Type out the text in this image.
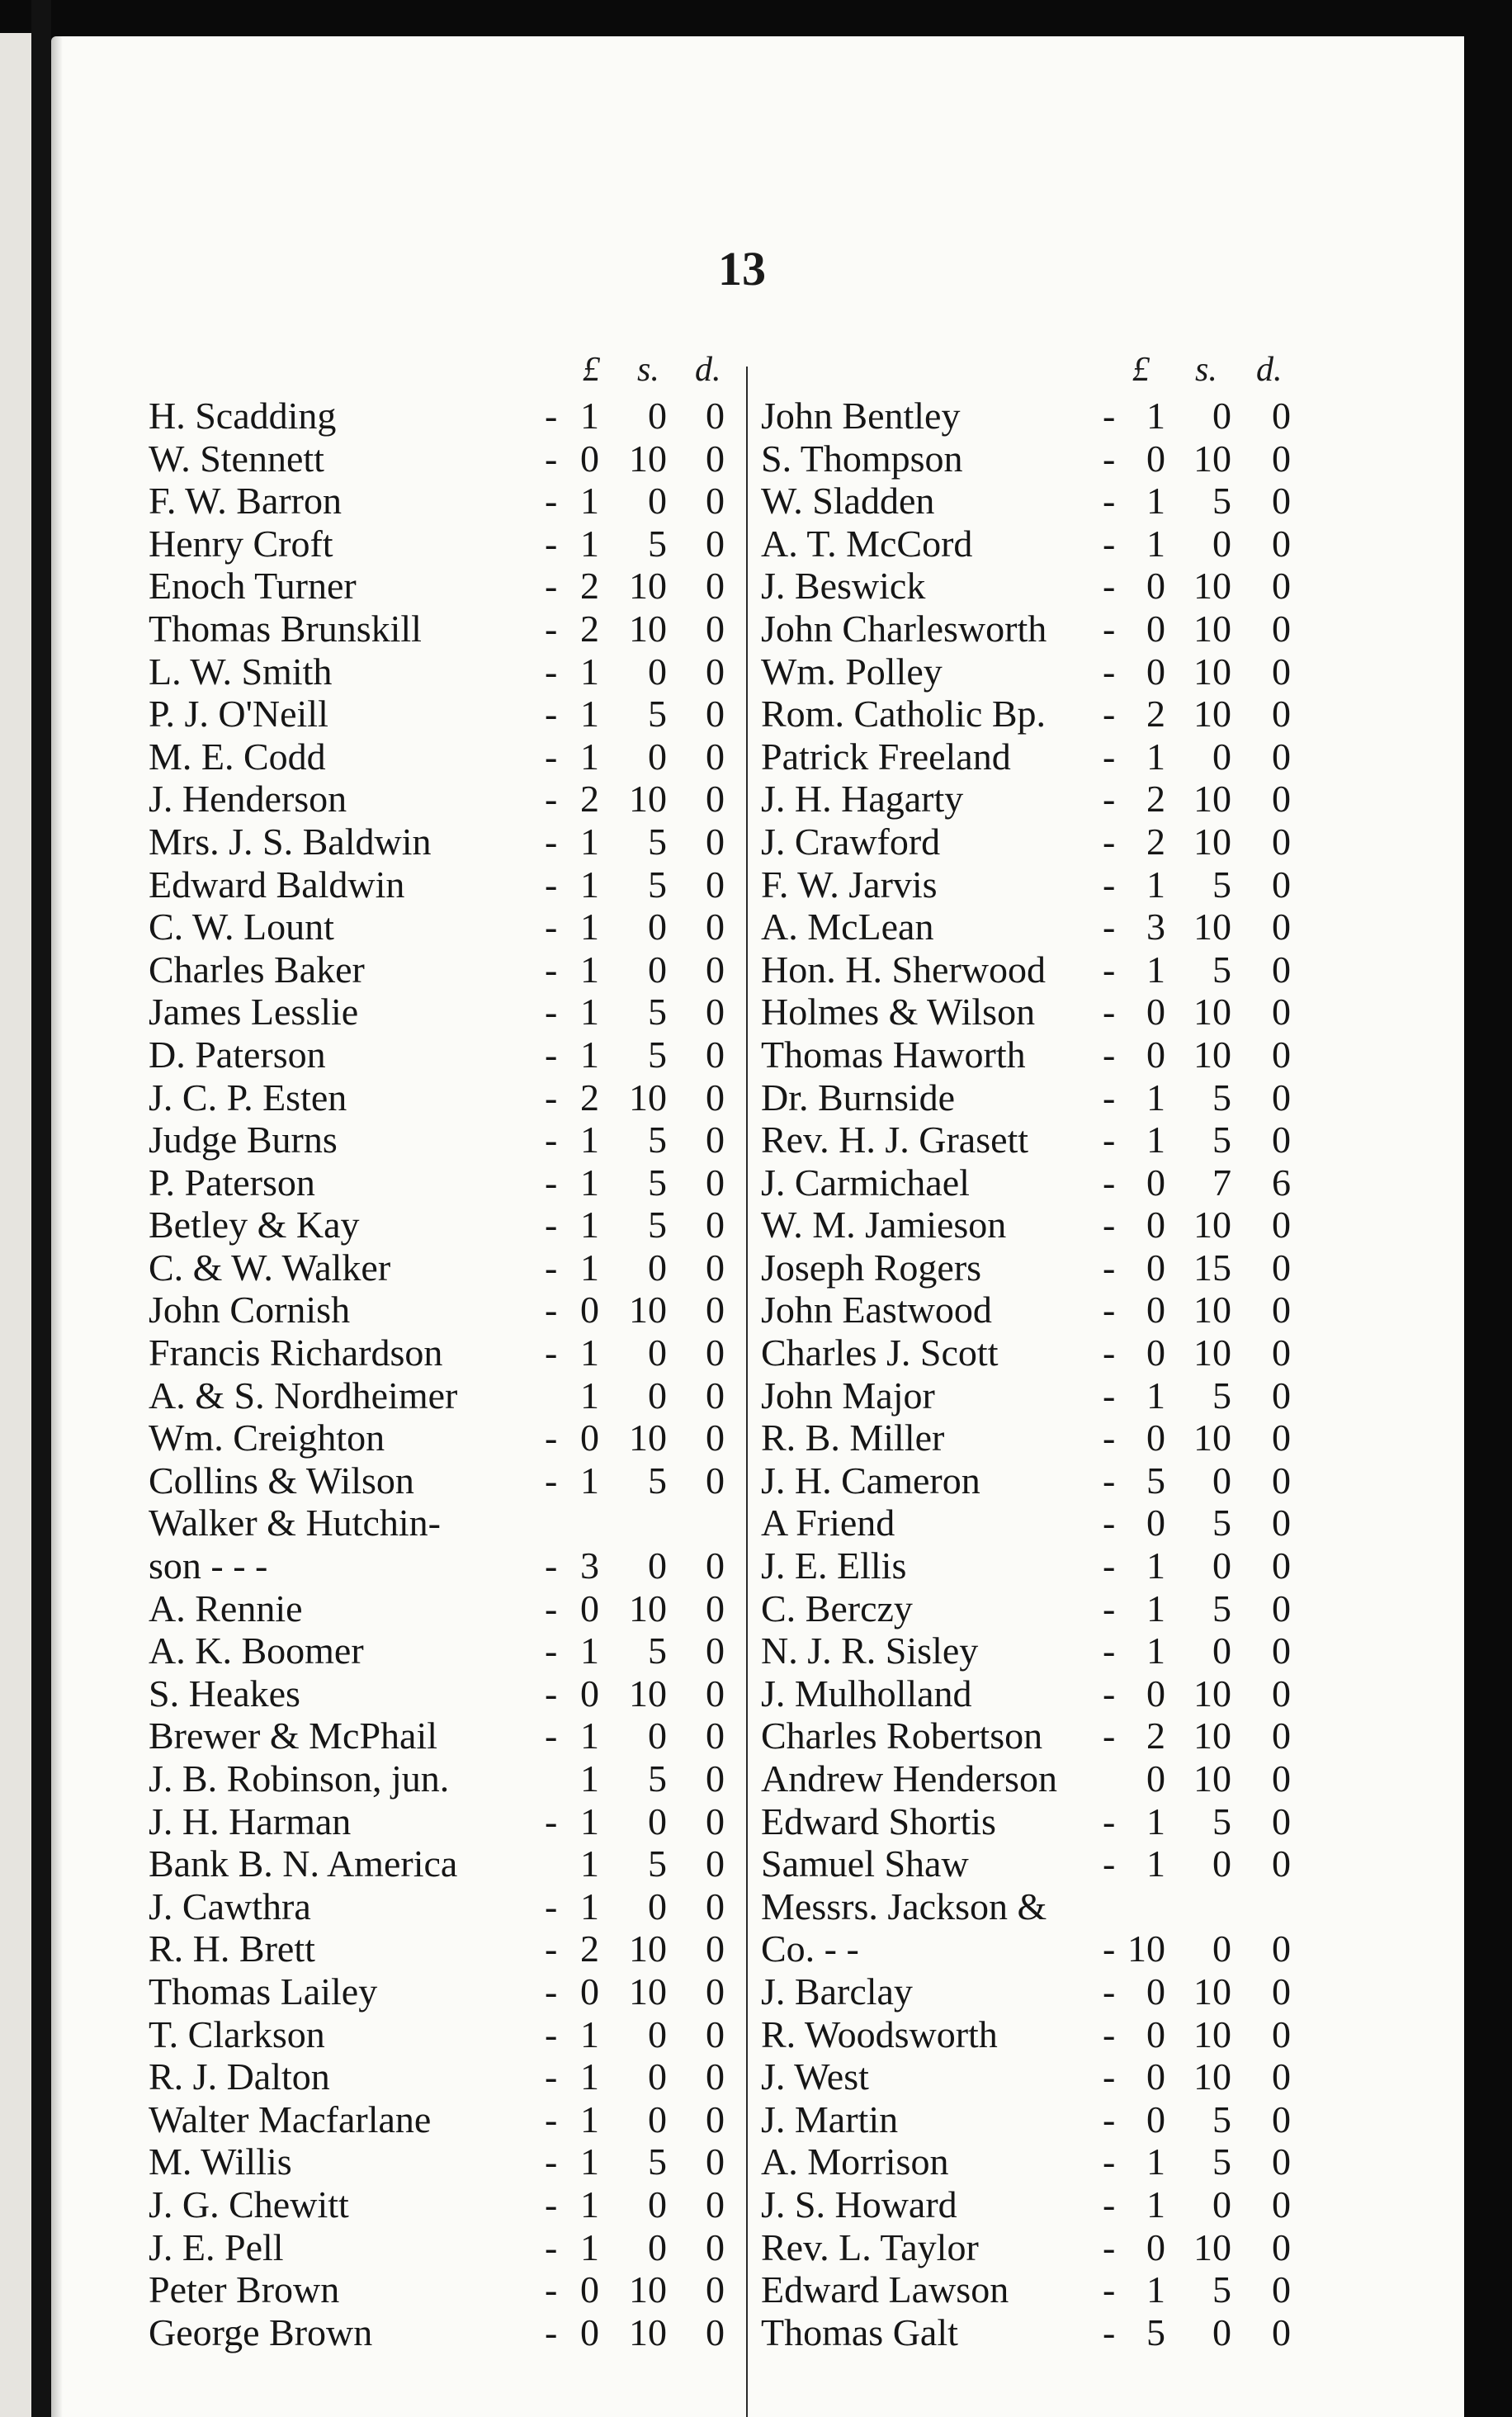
13
£ s. d.	£ s. d.
H. Scadding	- 1	0	0
W. Stennett	- 0 10	0
F. W. Barron	- 1	0	0
Henry Croft	- 1	5	0
Enoch Turner	- 2 10	0
Thomas Brunskill	- 2 10	0
L. W. Smith	- 1	0	0
P. J. O'Neill	- 1	5	0
M. E. Codd	- 1	0	0
J. Henderson	- 2 10	0
Mrs. J. S. Baldwin	- 1	5	0
Edward Baldwin	- 1	5	0
C. W. Lount	- 1	0	0
Charles Baker	- 1	0	0
James Lesslie	- 1	5	0
D. Paterson	- 1	5	0
J. C. P. Esten	- 2 10	0
Judge Burns	- 1	5	0
P. Paterson	- 1	5	0
Betley & Kay	- 1	5	0
C. & W. Walker	- 1	0	0
John Cornish	- 0 10	0
Francis Richardson	- 1	0	0
A. & S. Nordheimer	1	0	0
Wm. Creighton	- 0 10	0
Collins & Wilson	- 1	5	0
Walker & Hutchin-
son - - -	- 3	0	0
A. Rennie	- 0 10	0
A. K. Boomer	- 1	5	0
S. Heakes	- 0 10	0
Brewer & McPhail	- 1	0	0
J. B. Robinson, jun.	1	5	0
J. H. Harman	- 1	0	0
Bank B. N. America	1	5	0
J. Cawthra	- 1	0	0
R. H. Brett	- 2 10	0
Thomas Lailey	- 0 10	0
T. Clarkson	- 1	0	0
R. J. Dalton	- 1	0	0
Walter Macfarlane	- 1	0	0
M. Willis	- 1	5	0
J. G. Chewitt	- 1	0	0
J. E. Pell	- 1	0	0
Peter Brown	- 0 10	0
George Brown	- 0 10	0
John Bentley	- 1	0	0
S. Thompson	- 0 10	0
W. Sladden	- 1	5	0
A. T. McCord	- 1	0	0
J. Beswick	- 0 10	0
John Charlesworth - 0 10	0
Wm. Polley	- 0 10	0
Rom. Catholic Bp. - 2 10	0
Patrick Freeland - 1	0	0
J. H. Hagarty	- 2 10	0
J. Crawford	- 2 10	0
F. W. Jarvis	- 1	5	0
A. McLean	- 3 10	0
Hon. H. Sherwood - 1	5	0
Holmes & Wilson - 0 10	0
Thomas Haworth - 0 10	0
Dr. Burnside	- 1	5	0
Rev. H. J. Grasett - 1	5	0
J. Carmichael	- 0	7	6
W. M. Jamieson	- 0 10	0
Joseph Rogers	- 0 15	0
John Eastwood	- 0 10	0
Charles J. Scott	- 0 10	0
John Major	- 1	5	0
R. B. Miller	- 0 10	0
J. H. Cameron	- 5	0	0
A Friend	- 0	5	0
J. E. Ellis	- 1	0	0
C. Berczy	- 1	5	0
N. J. R. Sisley	- 1	0	0
J. Mulholland	- 0 10	0
Charles Robertson - 2 10	0
Andrew Henderson	0 10	0
Edward Shortis	- 1	5	0
Samuel Shaw	- 1	0	0
Messrs. Jackson &
Co. - -	- 10	0	0
J. Barclay	- 0 10	0
R. Woodsworth	- 0 10	0
J. West	- 0 10	0
J. Martin	- 0	5	0
A. Morrison	- 1	5	0
J. S. Howard	- 1	0	0
Rev. L. Taylor	- 0 10	0
Edward Lawson - 1	5	0
Thomas Galt	- 5	0	0
